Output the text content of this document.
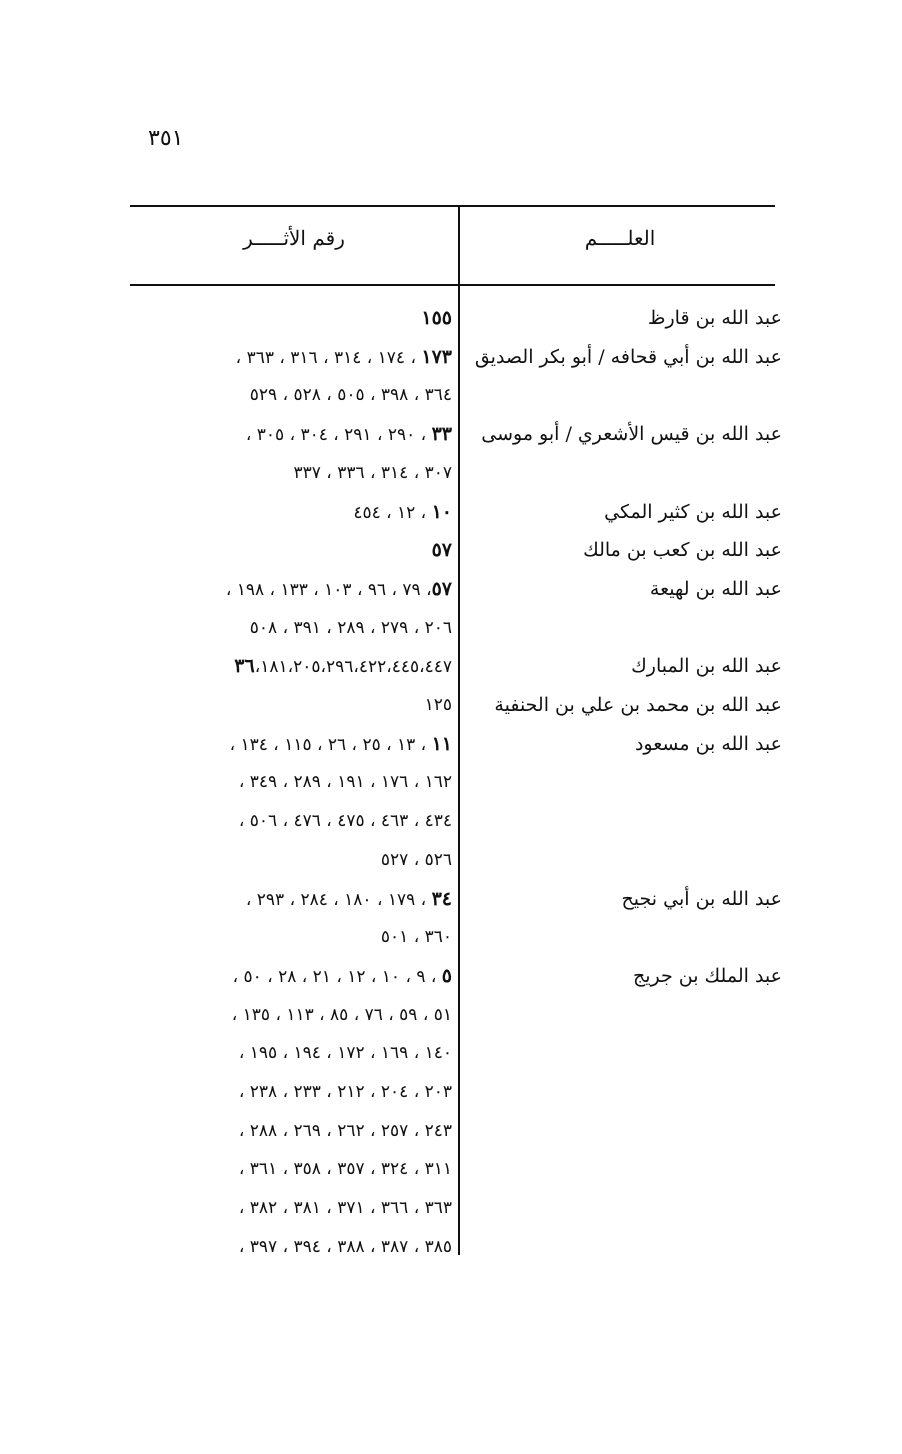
٣٥١
العلـــــم
رقم الأثـــــر
عبد الله بن قارظ
١٥٥
عبد الله بن أبي قحافه / أبو بكر الصديق
١٧٣ ، ١٧٤ ، ٣١٤ ، ٣١٦ ، ٣٦٣ ،
٣٦٤ ، ٣٩٨ ، ٥٠٥ ، ٥٢٨ ، ٥٢٩
عبد الله بن قيس الأشعري / أبو موسى
٣٣ ، ٢٩٠ ، ٢٩١ ، ٣٠٤ ، ٣٠٥ ،
٣٠٧ ، ٣١٤ ، ٣٣٦ ، ٣٣٧
عبد الله بن كثير المكي
١٠ ، ١٢ ، ٤٥٤
عبد الله بن كعب بن مالك
٥٧
عبد الله بن لهيعة
٥٧، ٧٩ ، ٩٦ ، ١٠٣ ، ١٣٣ ، ١٩٨ ،
٢٠٦ ، ٢٧٩ ، ٢٨٩ ، ٣٩١ ، ٥٠٨
عبد الله بن المبارك
٣٦،١٨١،٢٠٥،٢٩٦،٤٢٢،٤٤٥،٤٤٧
عبد الله بن محمد بن علي بن الحنفية
١٢٥
عبد الله بن مسعود
١١ ، ١٣ ، ٢٥ ، ٢٦ ، ١١٥ ، ١٣٤ ،
١٦٢ ، ١٧٦ ، ١٩١ ، ٢٨٩ ، ٣٤٩ ،
٤٣٤ ، ٤٦٣ ، ٤٧٥ ، ٤٧٦ ، ٥٠٦ ،
٥٢٦ ، ٥٢٧
عبد الله بن أبي نجيح
٣٤ ، ١٧٩ ، ١٨٠ ، ٢٨٤ ، ٢٩٣ ،
٣٦٠ ، ٥٠١
عبد الملك بن جريج
٥ ، ٩ ، ١٠ ، ١٢ ، ٢١ ، ٢٨ ، ٥٠ ،
٥١ ، ٥٩ ، ٧٦ ، ٨٥ ، ١١٣ ، ١٣٥ ،
١٤٠ ، ١٦٩ ، ١٧٢ ، ١٩٤ ، ١٩٥ ،
٢٠٣ ، ٢٠٤ ، ٢١٢ ، ٢٣٣ ، ٢٣٨ ،
٢٤٣ ، ٢٥٧ ، ٢٦٢ ، ٢٦٩ ، ٢٨٨ ،
٣١١ ، ٣٢٤ ، ٣٥٧ ، ٣٥٨ ، ٣٦١ ،
٣٦٣ ، ٣٦٦ ، ٣٧١ ، ٣٨١ ، ٣٨٢ ،
٣٨٥ ، ٣٨٧ ، ٣٨٨ ، ٣٩٤ ، ٣٩٧ ،
